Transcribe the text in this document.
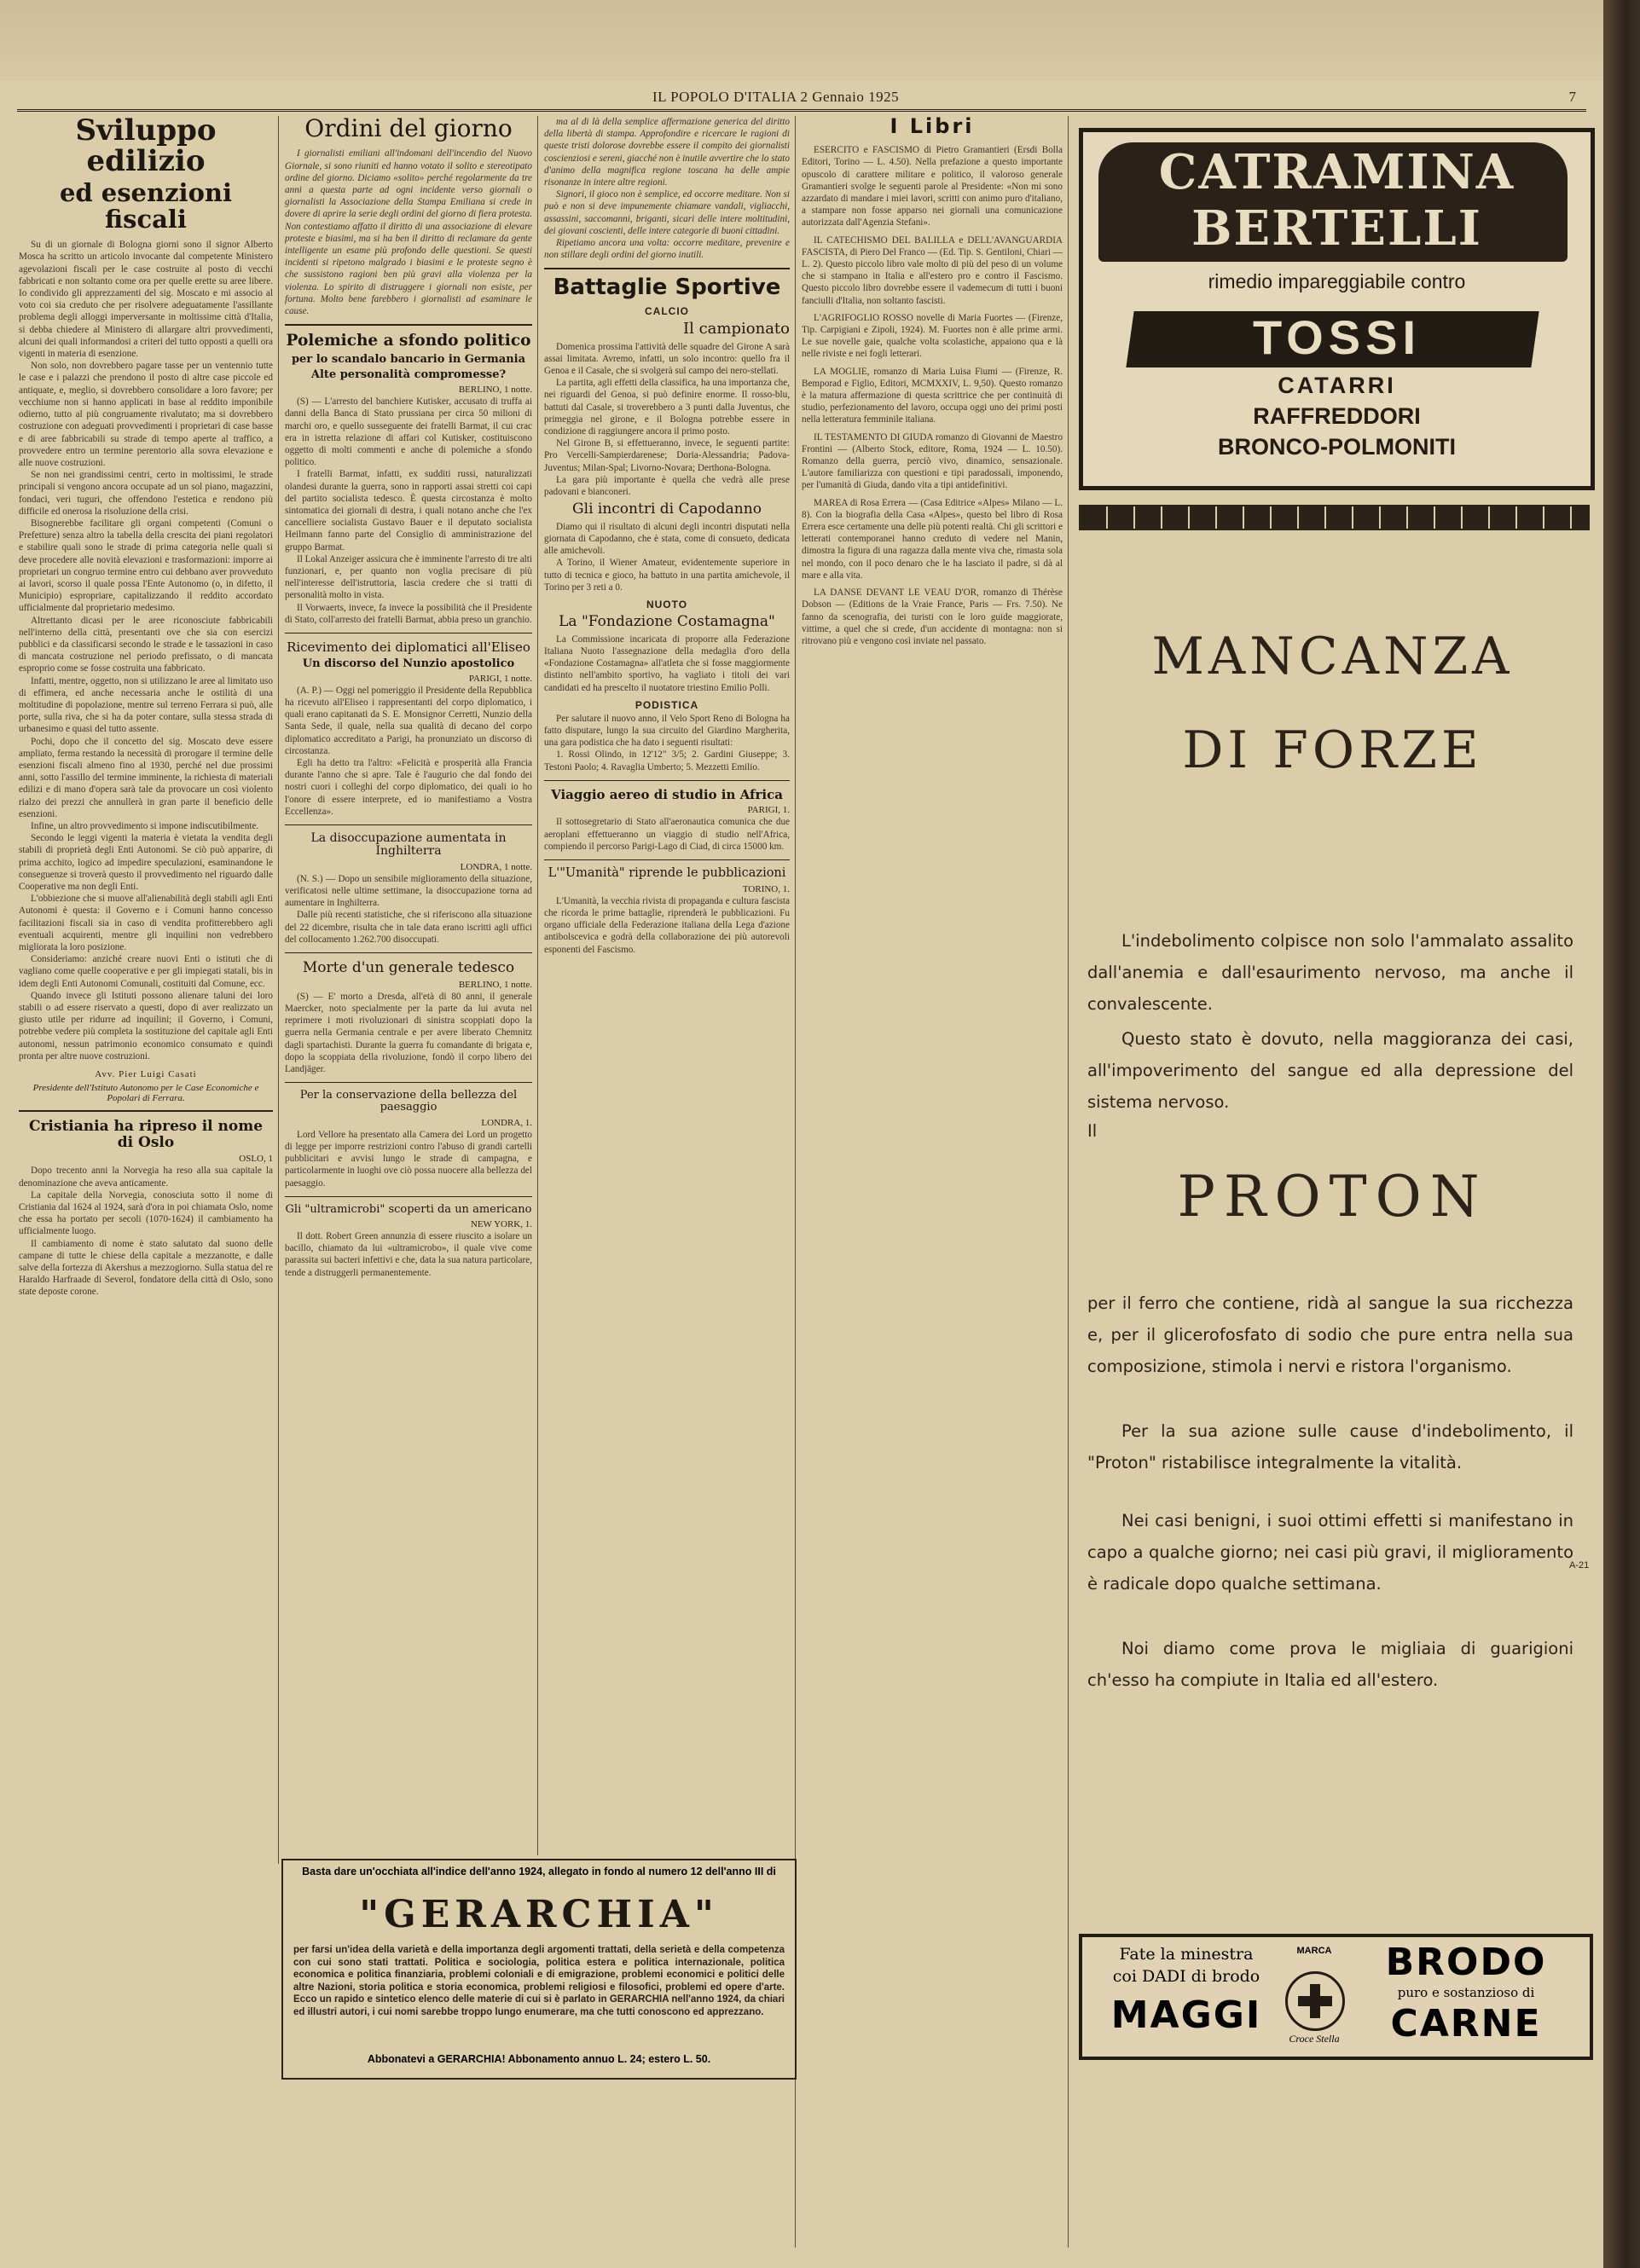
IL POPOLO D'ITALIA 2 Gennaio 1925	7
Sviluppo edilizio
ed esenzioni fiscali

Su di un giornale di Bologna giorni sono il signor Alberto Mosca ha scritto un articolo invocante dal competente Ministero agevolazioni fiscali per le case costruite al posto di vecchi fabbricati e non soltanto come ora per quelle erette su aree libere. Io condivido gli apprezzamenti del sig. Moscato e mi associo al voto coi sia creduto che per risolvere adeguatamente l'assillante problema degli alloggi imperversante in moltissime città d'Italia, si debba chiedere al Ministero di allargare altri provvedimenti, alcuni dei quali informandosi a criteri del tutto opposti a quelli ora vigenti in materia di esenzione.

Non solo, non dovrebbero pagare tasse per un ventennio tutte le case e i palazzi che prendono il posto di altre case piccole ed antiquate, e, meglio, si dovrebbero consolidare a loro favore; per vecchiume non si hanno applicati in base al reddito imponibile odierno, tutto al più congruamente rivalutato; ma si dovrebbero costruzione con adeguati provvedimenti i proprietari di case basse e di aree fabbricabili su strade di tempo aperte al traffico, a provvedere entro un termine perentorio alla sovra elevazione e alle nuove costruzioni.

Se non nei grandissimi centri, certo in moltissimi, le strade principali si vengono ancora occupate ad un sol piano, magazzini, fondaci, veri tuguri, che offendono l'estetica e rendono più difficile ed onerosa la risoluzione della crisi.

Bisognerebbe facilitare gli organi competenti (Comuni o Prefetture) senza altro la tabella della crescita dei piani regolatori e stabilire quali sono le strade di prima categoria nelle quali si deve procedere alle novità elevazioni e trasformazioni: imporre ai proprietari un congruo termine entro cui debbano aver provveduto ai lavori, scorso il quale possa l'Ente Autonomo (o, in difetto, il Municipio) espropriare, capitalizzando il reddito accordato ufficialmente dal proprietario medesimo.

Altrettanto dicasi per le aree riconosciute fabbricabili nell'interno della città, presentanti ove che sia con esercizi pubblici e da classificarsi secondo le strade e le tassazioni in caso di mancata costruzione nel periodo prefissato, o di mancata esproprio come se fosse costruita una fabbricato.

Infatti, mentre, oggetto, non si utilizzano le aree al limitato uso di effimera, ed anche necessaria anche le ostilità di una moltitudine di popolazione, mentre sul terreno Ferrara si può, alle porte, sulla riva, che si ha da poter contare, sulla stessa strada di urbanesimo e quasi del tutto assente.

Pochi, dopo che il concetto del sig. Moscato deve essere ampliato, ferma restando la necessità di prorogare il termine delle esenzioni fiscali almeno fino al 1930, perché nel due prossimi anni, sotto l'assillo del termine imminente, la richiesta di materiali edilizi e di mano d'opera sarà tale da provocare un così violento rialzo dei prezzi che annullerà in gran parte il beneficio delle esenzioni.

Infine, un altro provvedimento si impone indiscutibilmente.

Secondo le leggi vigenti la materia è vietata la vendita degli stabili di proprietà degli Enti Autonomi. Se ciò può apparire, di prima acchito, logico ad impedire speculazioni, esaminandone le conseguenze si troverà questo il provvedimento nel riguardo dalle Cooperative ma non degli Enti.

L'obbiezione che si muove all'alienabilità degli stabili agli Enti Autonomi è questa: il Governo e i Comuni hanno concesso facilitazioni fiscali sia in caso di vendita profitterebbero agli eventuali acquirenti, mentre gli inquilini non vedrebbero migliorata la loro posizione.

Consideriamo: anziché creare nuovi Enti o istituti che di vagliano come quelle cooperative e per gli impiegati statali, bis in idem degli Enti Autonomi Comunali, costituiti dal Comune, ecc.

Quando invece gli Istituti possono alienare taluni dei loro stabili o ad essere riservato a questi, dopo di aver realizzato un giusto utile per ridurre ad inquilini; il Governo, i Comuni, potrebbe vedere più completa la sostituzione del capitale agli Enti autonomi, nessun patrimonio economico consumato e quindi pronta per altre nuove costruzioni.

Avv. Pier Luigi Casati
Presidente dell'Istituto Autonomo per le Case Economiche e Popolari di Ferrara.
Cristiania ha ripreso il nome di Oslo
OSLO, 1

Dopo trecento anni la Norvegia ha reso alla sua capitale la denominazione che aveva anticamente.

La capitale della Norvegia, conosciuta sotto il nome di Cristiania dal 1624 al 1924, sarà d'ora in poi chiamata Oslo, nome che essa ha portato per secoli (1070-1624) il cambiamento ha ufficialmente luogo.

Il cambiamento di nome è stato salutato dal suono delle campane di tutte le chiese della capitale a mezzanotte, e dalle salve della fortezza di Akershus a mezzogiorno. Sulla statua del re Haraldo Harfraade di Severol, fondatore della città di Oslo, sono state deposte corone.

Ordini del giorno

I giornalisti emiliani all'indomani dell'incendio del Nuovo Giornale, si sono riuniti ed hanno votato il solito e stereotipato ordine del giorno. Diciamo «solito» perché regolarmente da tre anni a questa parte ad ogni incidente verso giornali o giornalisti la Associazione della Stampa Emiliana si crede in dovere di aprire la serie degli ordini del giorno di fiera protesta. Non contestiamo affatto il diritto di una associazione di elevare proteste e biasimi, ma si ha ben il diritto di reclamare da gente intelligente un esame più profondo delle questioni. Se questi incidenti si ripetono malgrado i biasimi e le proteste segno è che sussistono ragioni ben più gravi alla violenza per la violenza. Lo spirito di distruggere i giornali non esiste, per fortuna. Molto bene farebbero i giornalisti ad esaminare le cause.

Polemiche a sfondo politico
per lo scandalo bancario in Germania
Alte personalità compromesse?
BERLINO, 1 notte.

(S) — L'arresto del banchiere Kutisker, accusato di truffa ai danni della Banca di Stato prussiana per circa 50 milioni di marchi oro, e quello susseguente dei fratelli Barmat, il cui crac era in istretta relazione di affari col Kutisker, costituiscono oggetto di molti commenti e anche di polemiche a sfondo politico.

I fratelli Barmat, infatti, ex sudditi russi, naturalizzati olandesi durante la guerra, sono in rapporti assai stretti coi capi del partito socialista tedesco. È questa circostanza è molto sintomatica dei giornali di destra, i quali notano anche che l'ex cancelliere socialista Gustavo Bauer e il deputato socialista Heilmann fanno parte del Consiglio di amministrazione del gruppo Barmat.

Il Lokal Anzeiger assicura che è imminente l'arresto di tre alti funzionari, e, per quanto non voglia precisare di più nell'interesse dell'istruttoria, lascia credere che si tratti di personalità molto in vista.

Il Vorwaerts, invece, fa invece la possibilità che il Presidente di Stato, coll'arresto dei fratelli Barmat, abbia preso un granchio.

Ricevimento dei diplomatici all'Eliseo
Un discorso del Nunzio apostolico
PARIGI, 1 notte.

(A. P.) — Oggi nel pomeriggio il Presidente della Repubblica ha ricevuto all'Eliseo i rappresentanti del corpo diplomatico, i quali erano capitanati da S. E. Monsignor Cerretti, Nunzio della Santa Sede, il quale, nella sua qualità di decano del corpo diplomatico accreditato a Parigi, ha pronunziato un discorso di circostanza.

Egli ha detto tra l'altro: «Felicità e prosperità alla Francia durante l'anno che si apre. Tale è l'augurio che dal fondo dei nostri cuori i colleghi del corpo diplomatico, dei quali io ho l'onore di essere interprete, ed io manifestiamo a Vostra Eccellenza».

La disoccupazione aumentata in Inghilterra
LONDRA, 1 notte.

(N. S.) — Dopo un sensibile miglioramento della situazione, verificatosi nelle ultime settimane, la disoccupazione torna ad aumentare in Inghilterra.

Dalle più recenti statistiche, che si riferiscono alla situazione del 22 dicembre, risulta che in tale data erano iscritti agli uffici del collocamento 1.262.700 disoccupati.

Morte d'un generale tedesco
BERLINO, 1 notte.

(S) — E' morto a Dresda, all'età di 80 anni, il generale Maercker, noto specialmente per la parte da lui avuta nel reprimere i moti rivoluzionari di sinistra scoppiati dopo la guerra nella Germania centrale e per avere liberato Chemnitz dagli spartachisti. Durante la guerra fu comandante di brigata e, dopo la scoppiata della rivoluzione, fondò il corpo libero dei Landjäger.

Per la conservazione della bellezza del paesaggio
LONDRA, 1.

Lord Vellore ha presentato alla Camera dei Lord un progetto di legge per imporre restrizioni contro l'abuso di grandi cartelli pubblicitari e avvisi lungo le strade di campagna, e particolarmente in luoghi ove ciò possa nuocere alla bellezza del paesaggio.

Gli "ultramicrobi" scoperti da un americano
NEW YORK, 1.

Il dott. Robert Green annunzia di essere riuscito a isolare un bacillo, chiamato da lui «ultramicrobo», il quale vive come parassita sui bacteri infettivi e che, data la sua natura particolare, tende a distruggerli permanentemente.

ma al di là della semplice affermazione generica del diritto della libertà di stampa. Approfondire e ricercare le ragioni di queste tristi dolorose dovrebbe essere il compito dei giornalisti coscienziosi e sereni, giacché non è inutile avvertire che lo stato d'animo della magnifica regione toscana ha delle ampie risonanze in intere altre regioni.

Signori, il gioco non è semplice, ed occorre meditare. Non si può e non si deve impunemente chiamare vandali, vigliacchi, assassini, saccomanni, briganti, sicari delle intere moltitudini, dei giovani coscienti, delle intere categorie di buoni cittadini.

Ripetiamo ancora una volta: occorre meditare, prevenire e non stillare degli ordini del giorno inutili.

Battaglie Sportive
CALCIO
Il campionato

Domenica prossima l'attività delle squadre del Girone A sarà assai limitata. Avremo, infatti, un solo incontro: quello fra il Genoa e il Casale, che si svolgerà sul campo dei nero-stellati.

La partita, agli effetti della classifica, ha una importanza che, nei riguardi del Genoa, si può definire enorme. Il rosso-blu, battuti dal Casale, si troverebbero a 3 punti dalla Juventus, che primeggia nel girone, e il Bologna potrebbe essere in condizione di raggiungere ancora il primo posto.

Nel Girone B, si effettueranno, invece, le seguenti partite: Pro Vercelli-Sampierdarenese; Doria-Alessandria; Padova-Juventus; Milan-Spal; Livorno-Novara; Derthona-Bologna.

La gara più importante è quella che vedrà alle prese padovani e bianconeri.

Gli incontri di Capodanno

Diamo qui il risultato di alcuni degli incontri disputati nella giornata di Capodanno, che è stata, come di consueto, dedicata alle amichevoli.

A Torino, il Wiener Amateur, evidentemente superiore in tutto di tecnica e gioco, ha battuto in una partita amichevole, il Torino per 3 reti a 0.

NUOTO
La "Fondazione Costamagna"

La Commissione incaricata di proporre alla Federazione Italiana Nuoto l'assegnazione della medaglia d'oro della «Fondazione Costamagna» all'atleta che si fosse maggiormente distinto nell'ambito sportivo, ha vagliato i titoli dei vari candidati ed ha prescelto il nuotatore triestino Emilio Polli.

PODISTICA

Per salutare il nuovo anno, il Velo Sport Reno di Bologna ha fatto disputare, lungo la sua circuito del Giardino Margherita, una gara podistica che ha dato i seguenti risultati:

1. Rossi Olindo, in 12'12" 3/5; 2. Gardini Giuseppe; 3. Testoni Paolo; 4. Ravaglia Umberto; 5. Mezzetti Emilio.

Viaggio aereo di studio in Africa
PARIGI, 1.

Il sottosegretario di Stato all'aeronautica comunica che due aeroplani effettueranno un viaggio di studio nell'Africa, compiendo il percorso Parigi-Lago di Ciad, di circa 15000 km.

L'"Umanità" riprende le pubblicazioni
TORINO, 1.

L'Umanità, la vecchia rivista di propaganda e cultura fascista che ricorda le prime battaglie, riprenderà le pubblicazioni. Fu organo ufficiale della Federazione italiana della Lega d'azione antibolscevica e godrà della collaborazione dei più autorevoli esponenti del Fascismo.

I Libri

ESERCITO e FASCISMO di Pietro Gramantieri (Ersdi Bolla Editori, Torino — L. 4.50). Nella prefazione a questo importante opuscolo di carattere militare e politico, il valoroso generale Gramantieri svolge le seguenti parole al Presidente: «Non mi sono azzardato di mandare i miei lavori, scritti con animo puro d'italiano, a stampare non fosse apparso nei giornali una comunicazione autorizzata dall'Agenzia Stefani».

IL CATECHISMO DEL BALILLA e DELL'AVANGUARDIA FASCISTA, di Piero Del Franco — (Ed. Tip. S. Gentiloni, Chiari — L. 2). Questo piccolo libro vale molto di più del peso di un volume che si stampano in Italia e all'estero pro e contro il Fascismo. Questo piccolo libro dovrebbe essere il vademecum di tutti i buoni fanciulli d'Italia, non soltanto fascisti.

L'AGRIFOGLIO ROSSO novelle di Maria Fuortes — (Firenze, Tip. Carpigiani e Zipoli, 1924). M. Fuortes non è alle prime armi. Le sue novelle gaie, qualche volta scolastiche, appaiono qua e là nelle riviste e nei fogli letterari.

LA MOGLIE, romanzo di Maria Luisa Fiumi — (Firenze, R. Bemporad e Figlio, Editori, MCMXXIV, L. 9,50). Questo romanzo è la matura affermazione di questa scrittrice che per continuità di studio, perfezionamento del lavoro, occupa oggi uno dei primi posti nella letteratura femminile italiana.

IL TESTAMENTO DI GIUDA romanzo di Giovanni de Maestro Frontini — (Alberto Stock, editore, Roma, 1924 — L. 10.50). Romanzo della guerra, perciò vivo, dinamico, sensazionale. L'autore familiarizza con questioni e tipi paradossali, imponendo, per l'umanità di Giuda, dando vita a tipi antidefinitivi.

MAREA di Rosa Errera — (Casa Editrice «Alpes» Milano — L. 8). Con la biografia della Casa «Alpes», questo bel libro di Rosa Errera esce certamente una delle più potenti realtà. Chi gli scrittori e letterati contemporanei hanno creduto di vedere nel Manin, dimostra la figura di una ragazza dalla mente viva che, rimasta sola nel mondo, con il poco denaro che le ha lasciato il padre, si dà al mare e alla vita.

LA DANSE DEVANT LE VEAU D'OR, romanzo di Thérèse Dobson — (Editions de la Vraie France, Paris — Frs. 7.50). Ne fanno da scenografia, dei turisti con le loro guide maggiorate, vittime, a quel che si crede, d'un accidente di montagna: non si ritrovano più e vengono così inviate nel passato.

Basta dare un'occhiata all'indice dell'anno 1924, allegato in fondo al numero 12 dell'anno III di
"GERARCHIA"
per farsi un'idea della varietà e della importanza degli argomenti trattati, della serietà e della competenza con cui sono stati trattati. Politica e sociologia, politica estera e politica internazionale, politica economica e politica finanziaria, problemi coloniali e di emigrazione, problemi economici e politici delle altre Nazioni, storia politica e storia economica, problemi religiosi e filosofici, problemi ed opere d'arte. Ecco un rapido e sintetico elenco delle materie di cui si è parlato in GERARCHIA nell'anno 1924, da chiari ed illustri autori, i cui nomi sarebbe troppo lungo enumerare, ma che tutti conoscono ed apprezzano.
Abbonatevi a GERARCHIA! Abbonamento annuo L. 24; estero L. 50.
CATRAMINA
BERTELLI
rimedio impareggiabile contro
TOSSI
CATARRI
RAFFREDDORI
BRONCO-POLMONITI
MANCANZA
DI FORZE
L'indebolimento colpisce non solo l'ammalato assalito dall'anemia e dall'esaurimento nervoso, ma anche il convalescente.
Questo stato è dovuto, nella maggioranza dei casi, all'impoverimento del sangue ed alla depressione del sistema nervoso.
Il
PROTON
per il ferro che contiene, ridà al sangue la sua ricchezza e, per il glicerofosfato di sodio che pure entra nella sua composizione, stimola i nervi e ristora l'organismo.
Per la sua azione sulle cause d'indebolimento, il "Proton" ristabilisce integralmente la vitalità.
Nei casi benigni, i suoi ottimi effetti si manifestano in capo a qualche giorno; nei casi più gravi, il miglioramento è radicale dopo qualche settimana.
Noi diamo come prova le migliaia di guarigioni ch'esso ha compiute in Italia ed all'estero.
A-21
Fate la minestra
coi DADI di brodo
MAGGI
MARCA
Croce Stella
BRODO
puro e sostanzioso di
CARNE
